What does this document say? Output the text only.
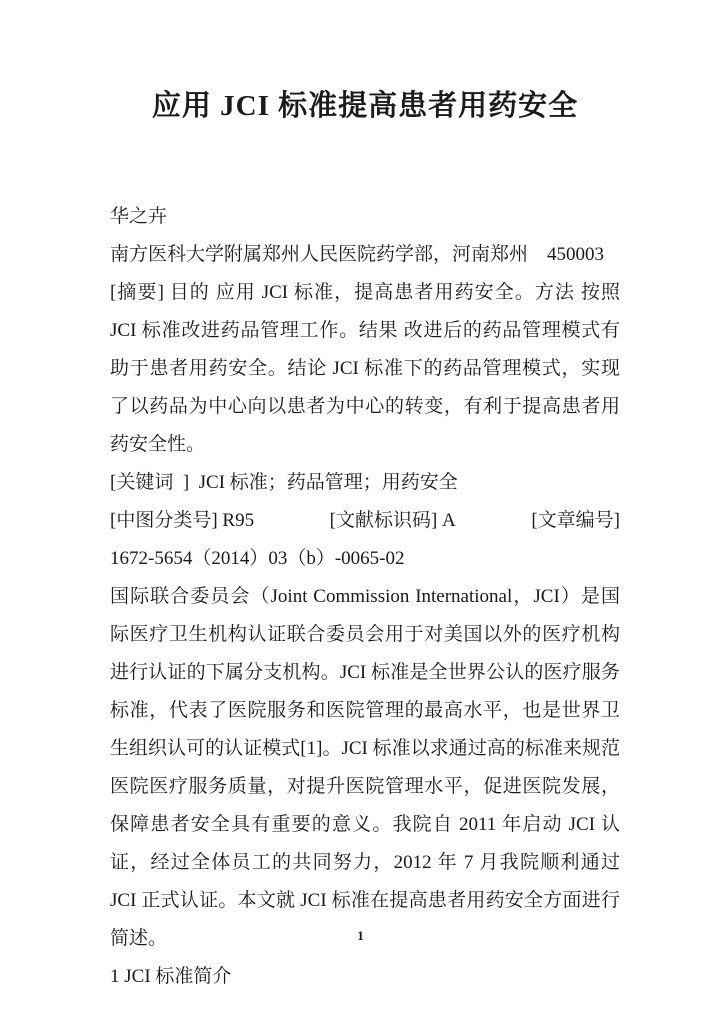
应用 JCI 标准提高患者用药安全
华之卉
南方医科大学附属郑州人民医院药学部，河南郑州    450003

[摘要] 目的 应用 JCI 标准，提高患者用药安全。方法 按照 JCI 标准改进药品管理工作。结果 改进后的药品管理模式有助于患者用药安全。结论 JCI 标准下的药品管理模式，实现了以药品为中心向以患者为中心的转变，有利于提高患者用药安全性。

[关键词  ]  JCI 标准；药品管理；用药安全
[中图分类号] R95	[文献标识码] A	[文章编号]
1672-5654（2014）03（b）-0065-02

国际联合委员会（Joint Commission International，JCI）是国际医疗卫生机构认证联合委员会用于对美国以外的医疗机构进行认证的下属分支机构。JCI 标准是全世界公认的医疗服务标准，代表了医院服务和医院管理的最高水平，也是世界卫生组织认可的认证模式[1]。JCI 标准以求通过高的标准来规范医院医疗服务质量，对提升医院管理水平，促进医院发展，保障患者安全具有重要的意义。我院自 2011 年启动 JCI 认证，经过全体员工的共同努力，2012 年 7 月我院顺利通过 JCI 正式认证。本文就 JCI 标准在提高患者用药安全方面进行简述。

1 JCI 标准简介
1
